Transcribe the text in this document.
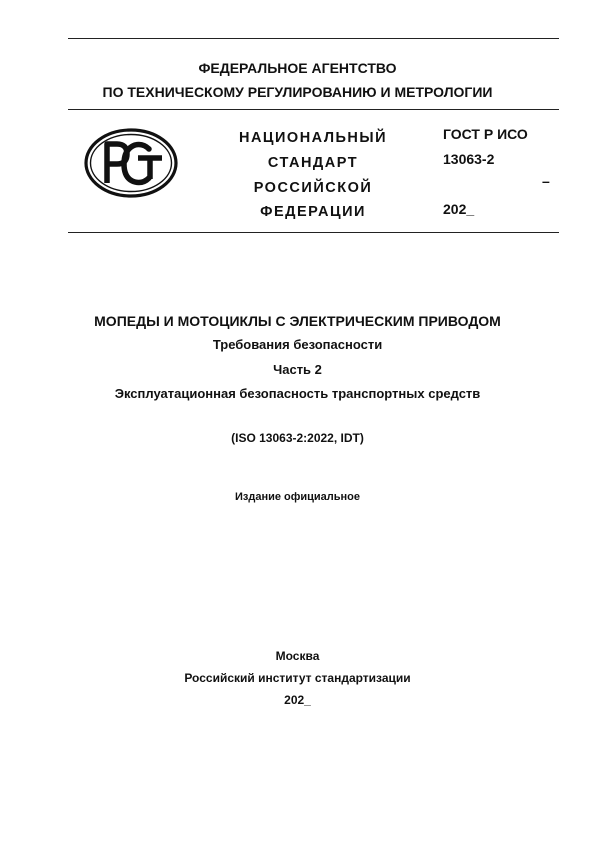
ФЕДЕРАЛЬНОЕ АГЕНТСТВО
ПО ТЕХНИЧЕСКОМУ РЕГУЛИРОВАНИЮ И МЕТРОЛОГИИ
НАЦИОНАЛЬНЫЙ
СТАНДАРТ
РОССИЙСКОЙ
ФЕДЕРАЦИИ
ГОСТ Р ИСО
13063-2
–
202_
МОПЕДЫ И МОТОЦИКЛЫ С ЭЛЕКТРИЧЕСКИМ ПРИВОДОМ
Требования безопасности
Часть 2
Эксплуатационная безопасность транспортных средств
(ISO 13063-2:2022, IDT)
Издание официальное
Москва
Российский институт стандартизации
202_
